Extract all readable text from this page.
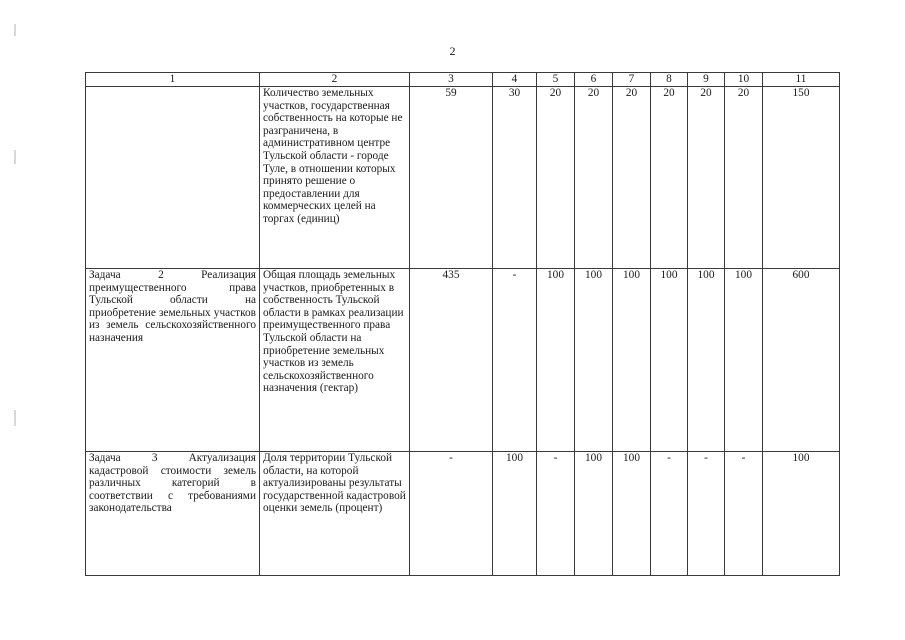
2
1	2	3	4	5	6	7	8	9	10	11
	Количество земельных участков, государственная собственность на которые не разграничена, в административном центре Тульской области - городе Туле, в отношении которых принято решение о предоставлении для коммерческих целей на торгах (единиц)	59	30	20	20	20	20	20	20	150
Задача 2 Реализация преимущественного права Тульской области на приобретение земельных участков из земель сельскохозяйственного назначения	Общая площадь земельных участков, приобретенных в собственность Тульской области в рамках реализации преимущественного права Тульской области на приобретение земельных участков из земель сельскохозяйственного назначения (гектар)	435	-	100	100	100	100	100	100	600
Задача 3 Актуализация кадастровой стоимости земель различных категорий в соответствии с требованиями законодательства	Доля территории Тульской области, на которой актуализированы результаты государственной кадастровой оценки земель (процент)	-	100	-	100	100	-	-	-	100
